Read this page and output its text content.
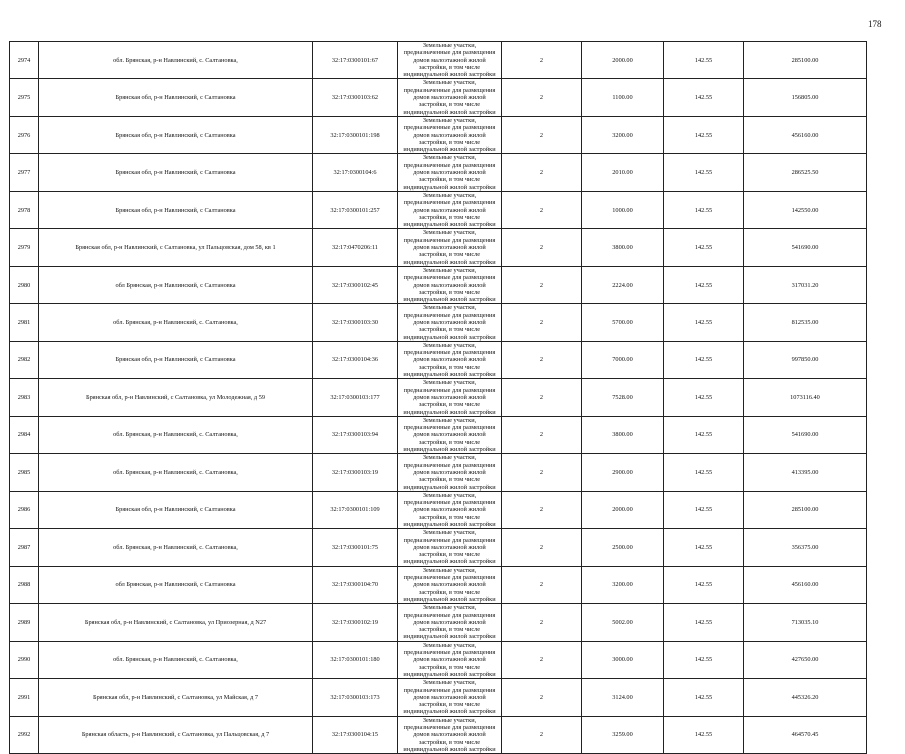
178
2974	обл. Брянская, р-н Навлинский, с. Салтановка,	32:17:0300101:67	Земельные участки, предназначенные для размещения домов малоэтажной жилой застройки, в том числе индивидуальной жилой застройки	2	2000.00	142.55	285100.00
2975	Брянская обл, р-н Навлинский, с Салтановка	32:17:0300103:62	Земельные участки, предназначенные для размещения домов малоэтажной жилой застройки, в том числе индивидуальной жилой застройки	2	1100.00	142.55	156805.00
2976	Брянская обл, р-н Навлинский, с Салтановка	32:17:0300101:198	Земельные участки, предназначенные для размещения домов малоэтажной жилой застройки, в том числе индивидуальной жилой застройки	2	3200.00	142.55	456160.00
2977	Брянская обл, р-н Навлинский, с Салтановка	32:17:0300104:6	Земельные участки, предназначенные для размещения домов малоэтажной жилой застройки, в том числе индивидуальной жилой застройки	2	2010.00	142.55	286525.50
2978	Брянская обл, р-н Навлинский, с Салтановка	32:17:0300101:257	Земельные участки, предназначенные для размещения домов малоэтажной жилой застройки, в том числе индивидуальной жилой застройки	2	1000.00	142.55	142550.00
2979	Брянская обл, р-н Навлинский, с Салтановка, ул Пальцовская, дом 58, кв 1	32:17:0470206:11	Земельные участки, предназначенные для размещения домов малоэтажной жилой застройки, в том числе индивидуальной жилой застройки	2	3800.00	142.55	541690.00
2980	обл Брянская, р-н Навлинский, с Салтановка	32:17:0300102:45	Земельные участки, предназначенные для размещения домов малоэтажной жилой застройки, в том числе индивидуальной жилой застройки	2	2224.00	142.55	317031.20
2981	обл. Брянская, р-н Навлинский, с. Салтановка,	32:17:0300103:30	Земельные участки, предназначенные для размещения домов малоэтажной жилой застройки, в том числе индивидуальной жилой застройки	2	5700.00	142.55	812535.00
2982	Брянская обл, р-н Навлинский, с Салтановка	32:17:0300104:36	Земельные участки, предназначенные для размещения домов малоэтажной жилой застройки, в том числе индивидуальной жилой застройки	2	7000.00	142.55	997850.00
2983	Брянская обл, р-н Навлинский, с Салтановка, ул Молодежная, д 59	32:17:0300103:177	Земельные участки, предназначенные для размещения домов малоэтажной жилой застройки, в том числе индивидуальной жилой застройки	2	7528.00	142.55	1073116.40
2984	обл. Брянская, р-н Навлинский, с. Салтановка,	32:17:0300103:94	Земельные участки, предназначенные для размещения домов малоэтажной жилой застройки, в том числе индивидуальной жилой застройки	2	3800.00	142.55	541690.00
2985	обл. Брянская, р-н Навлинский, с. Салтановка,	32:17:0300103:19	Земельные участки, предназначенные для размещения домов малоэтажной жилой застройки, в том числе индивидуальной жилой застройки	2	2900.00	142.55	413395.00
2986	Брянская обл, р-н Навлинский, с Салтановка	32:17:0300101:109	Земельные участки, предназначенные для размещения домов малоэтажной жилой застройки, в том числе индивидуальной жилой застройки	2	2000.00	142.55	285100.00
2987	обл. Брянская, р-н Навлинский, с. Салтановка,	32:17:0300101:75	Земельные участки, предназначенные для размещения домов малоэтажной жилой застройки, в том числе индивидуальной жилой застройки	2	2500.00	142.55	356375.00
2988	обл Брянская, р-н Навлинский, с Салтановка	32:17:0300104:70	Земельные участки, предназначенные для размещения домов малоэтажной жилой застройки, в том числе индивидуальной жилой застройки	2	3200.00	142.55	456160.00
2989	Брянская обл, р-н Навлинский, с Салтановка, ул Приозерная, д N27	32:17:0300102:19	Земельные участки, предназначенные для размещения домов малоэтажной жилой застройки, в том числе индивидуальной жилой застройки	2	5002.00	142.55	713035.10
2990	обл. Брянская, р-н Навлинский, с. Салтановка,	32:17:0300101:180	Земельные участки, предназначенные для размещения домов малоэтажной жилой застройки, в том числе индивидуальной жилой застройки	2	3000.00	142.55	427650.00
2991	Брянская обл, р-н Навлинский, с Салтановка, ул Майская, д 7	32:17:0300103:173	Земельные участки, предназначенные для размещения домов малоэтажной жилой застройки, в том числе индивидуальной жилой застройки	2	3124.00	142.55	445326.20
2992	Брянская область, р-н Навлинский, с Салтановка, ул Пальцовская, д 7	32:17:0300104:15	Земельные участки, предназначенные для размещения домов малоэтажной жилой застройки, в том числе индивидуальной жилой застройки	2	3259.00	142.55	464570.45
